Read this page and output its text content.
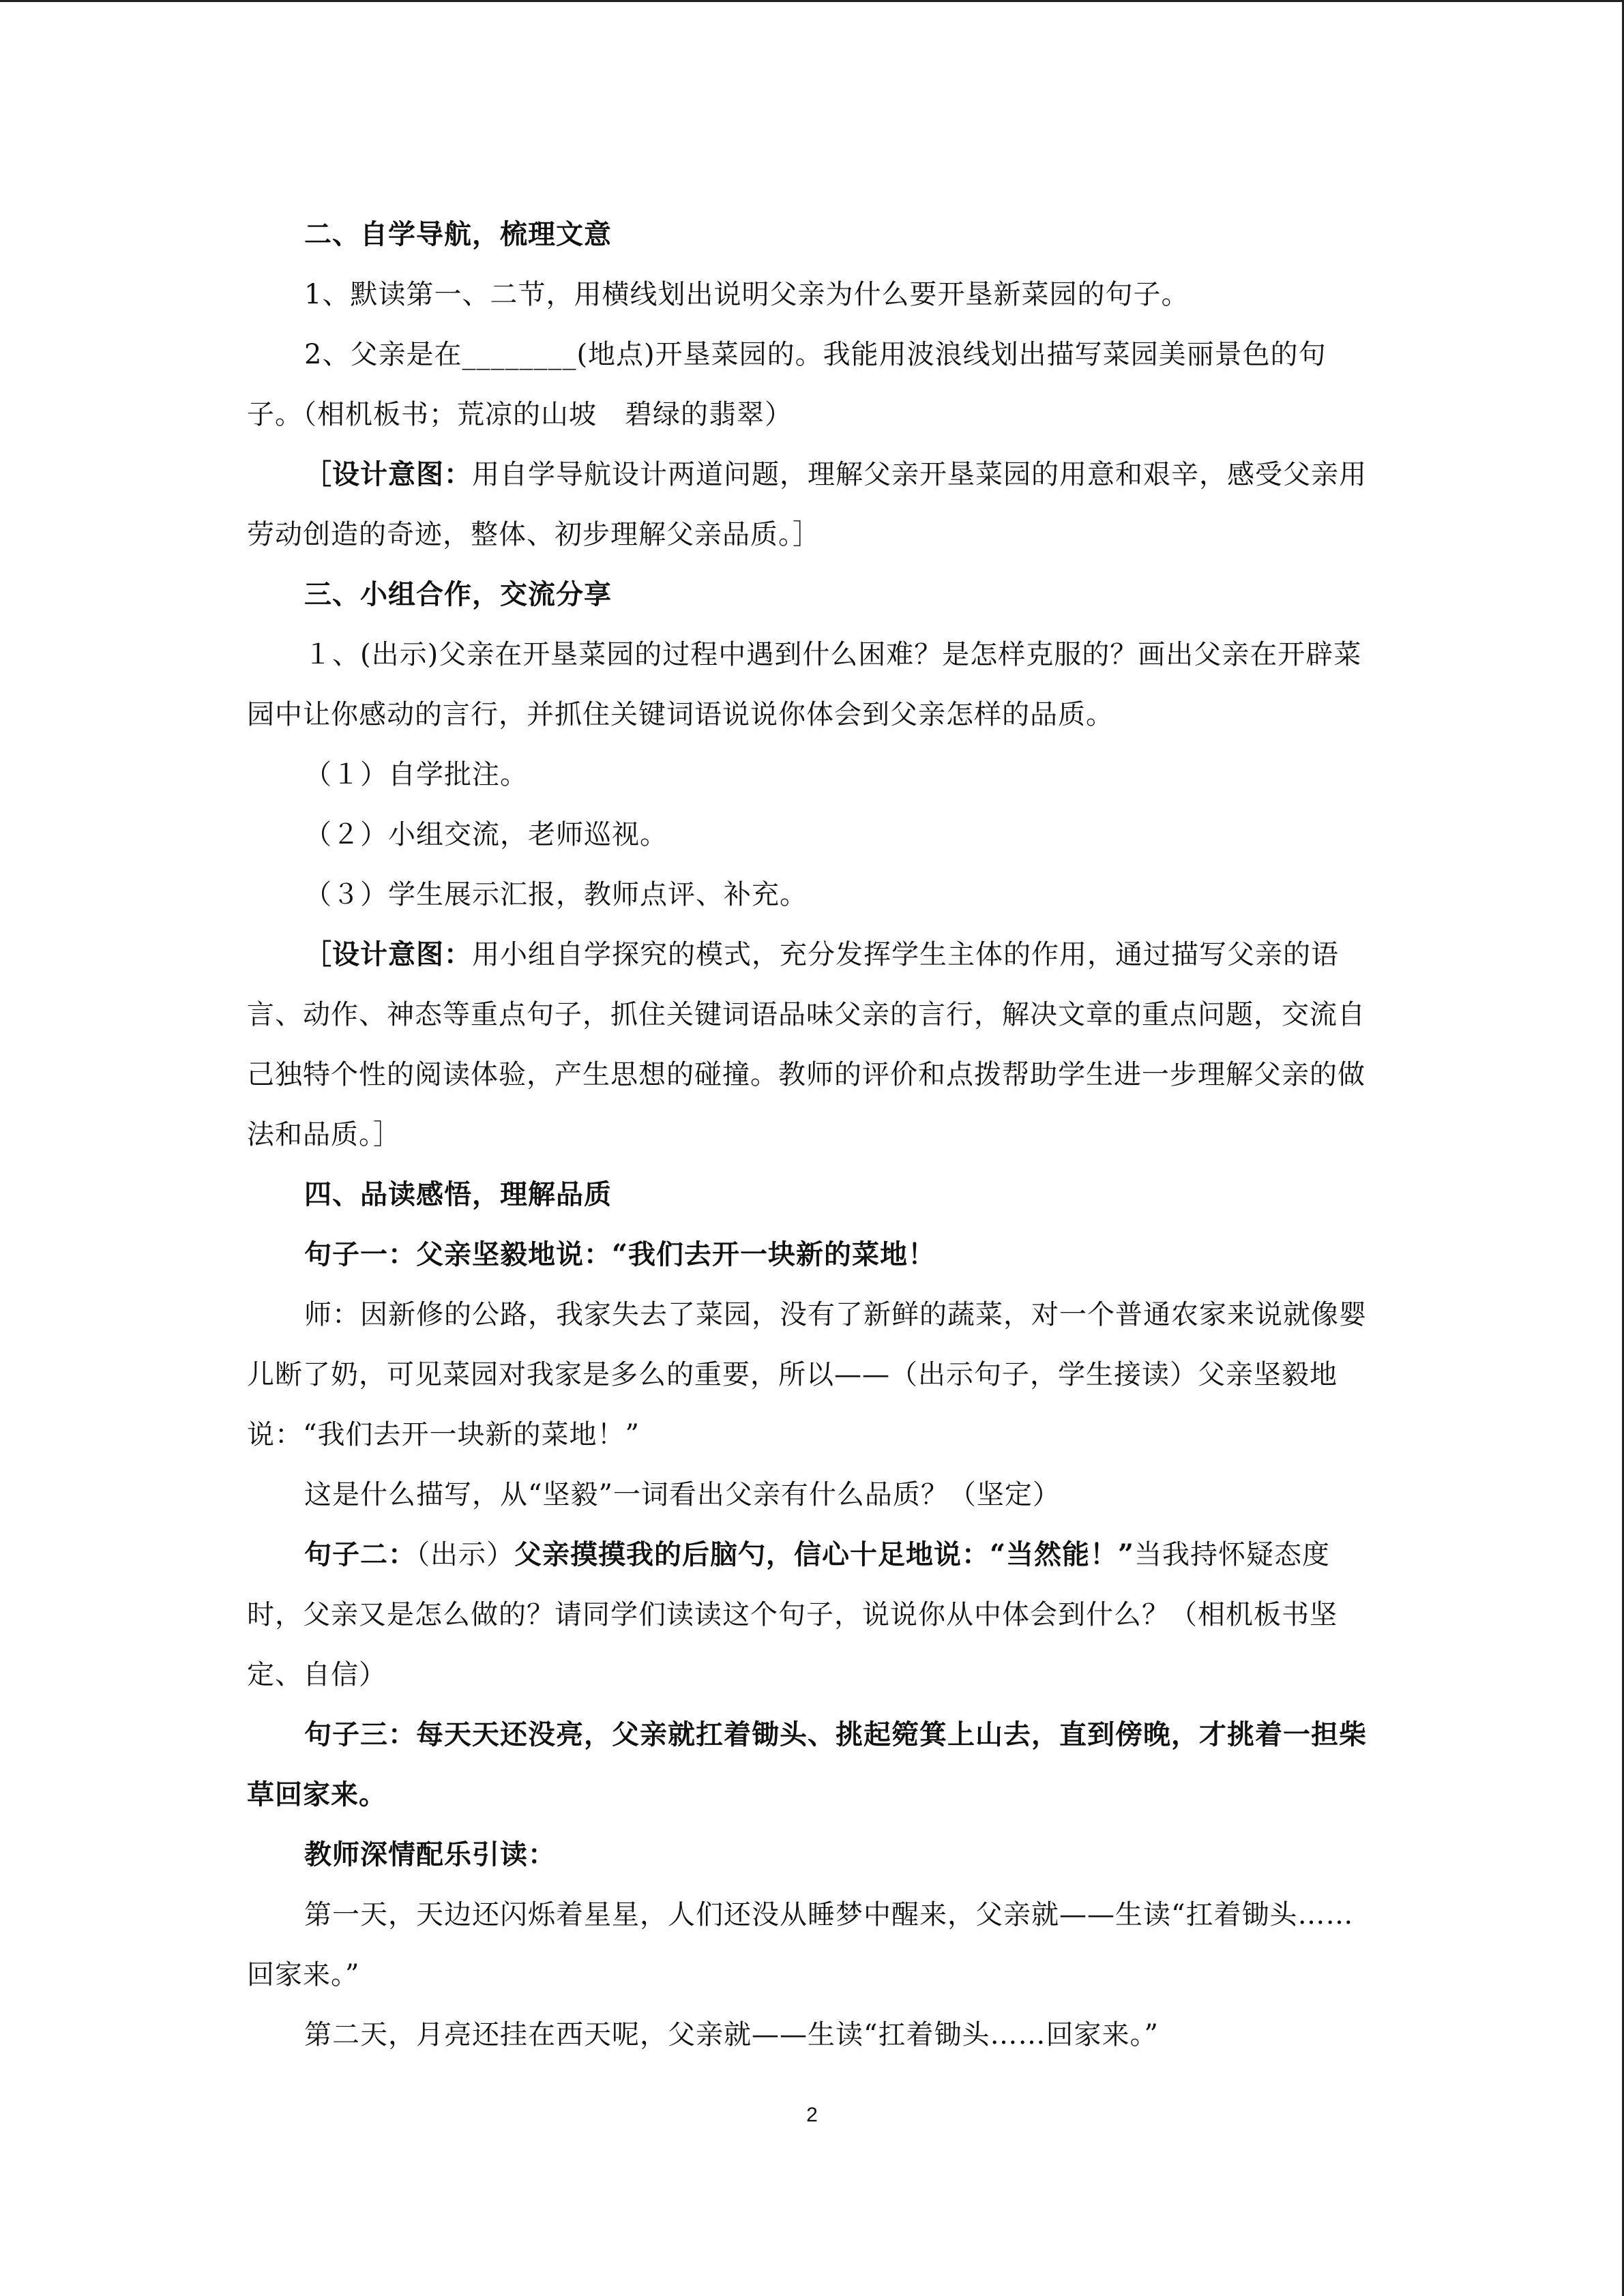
二、自学导航，梳理文意

1、默读第一、二节，用横线划出说明父亲为什么要开垦新菜园的句子。

2、父亲是在________(地点)开垦菜园的。我能用波浪线划出描写菜园美丽景色的句子。（相机板书；荒凉的山坡　碧绿的翡翠）

［设计意图：用自学导航设计两道问题，理解父亲开垦菜园的用意和艰辛，感受父亲用劳动创造的奇迹，整体、初步理解父亲品质。］

三、小组合作，交流分享

１、(出示)父亲在开垦菜园的过程中遇到什么困难？是怎样克服的？画出父亲在开辟菜园中让你感动的言行，并抓住关键词语说说你体会到父亲怎样的品质。

（１）自学批注。

（２）小组交流，老师巡视。

（３）学生展示汇报，教师点评、补充。

［设计意图：用小组自学探究的模式，充分发挥学生主体的作用，通过描写父亲的语言、动作、神态等重点句子，抓住关键词语品味父亲的言行，解决文章的重点问题，交流自己独特个性的阅读体验，产生思想的碰撞。教师的评价和点拨帮助学生进一步理解父亲的做法和品质。］

四、品读感悟，理解品质

句子一：父亲坚毅地说：“我们去开一块新的菜地！

师：因新修的公路，我家失去了菜园，没有了新鲜的蔬菜，对一个普通农家来说就像婴儿断了奶，可见菜园对我家是多么的重要，所以——（出示句子，学生接读）父亲坚毅地说：“我们去开一块新的菜地！”

这是什么描写，从“坚毅”一词看出父亲有什么品质？（坚定）

句子二：（出示）父亲摸摸我的后脑勺，信心十足地说：“当然能！”当我持怀疑态度时，父亲又是怎么做的？请同学们读读这个句子，说说你从中体会到什么？（相机板书坚定、自信）

句子三：每天天还没亮，父亲就扛着锄头、挑起箢箕上山去，直到傍晚，才挑着一担柴草回家来。

教师深情配乐引读：

第一天，天边还闪烁着星星，人们还没从睡梦中醒来，父亲就——生读“扛着锄头……回家来。”

第二天，月亮还挂在西天呢，父亲就——生读“扛着锄头……回家来。”

2
